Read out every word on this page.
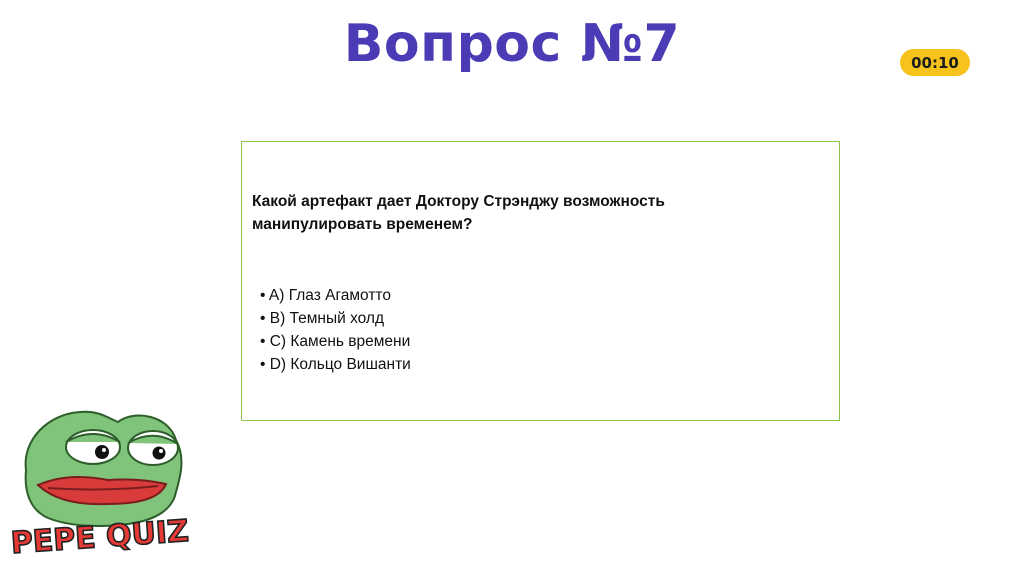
Вопрос №7	00:10
Какой артефакт дает Доктору Стрэнджу возможность манипулировать временем?
• A) Глаз Агамотто
• B) Темный холд
• C) Камень времени
• D) Кольцо Вишанти
PEPE QUIZ
